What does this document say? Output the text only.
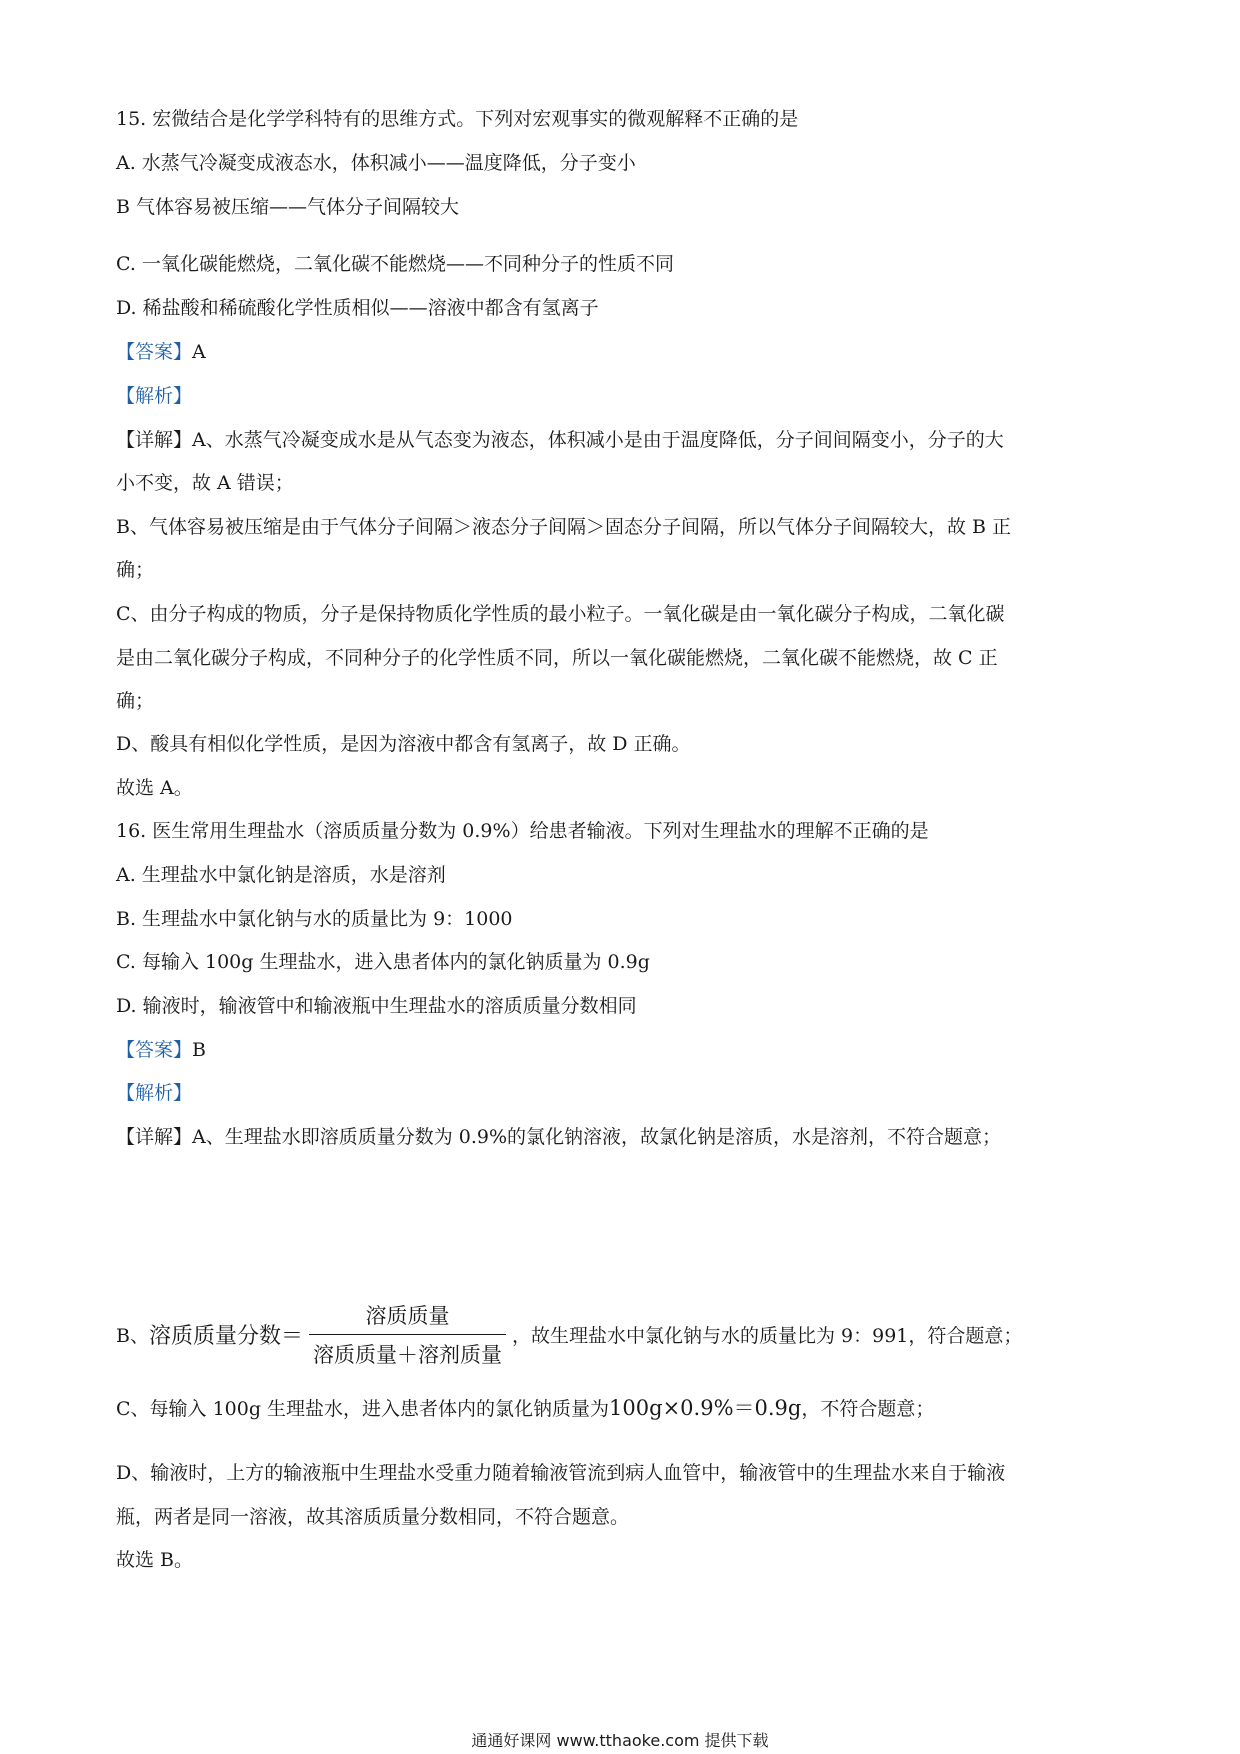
15. 宏微结合是化学学科特有的思维方式。下列对宏观事实的微观解释不正确的是
A. 水蒸气冷凝变成液态水，体积减小——温度降低，分子变小
B 气体容易被压缩——气体分子间隔较大
C. 一氧化碳能燃烧，二氧化碳不能燃烧——不同种分子的性质不同
D. 稀盐酸和稀硫酸化学性质相似——溶液中都含有氢离子
【答案】A
【解析】
【详解】A、水蒸气冷凝变成水是从气态变为液态，体积减小是由于温度降低，分子间间隔变小，分子的大
小不变，故 A 错误；
B、气体容易被压缩是由于气体分子间隔＞液态分子间隔＞固态分子间隔，所以气体分子间隔较大，故 B 正
确；
C、由分子构成的物质，分子是保持物质化学性质的最小粒子。一氧化碳是由一氧化碳分子构成，二氧化碳
是由二氧化碳分子构成，不同种分子的化学性质不同，所以一氧化碳能燃烧，二氧化碳不能燃烧，故 C 正
确；
D、酸具有相似化学性质，是因为溶液中都含有氢离子，故 D 正确。
故选 A。
16. 医生常用生理盐水（溶质质量分数为 0.9%）给患者输液。下列对生理盐水的理解不正确的是
A. 生理盐水中氯化钠是溶质，水是溶剂
B. 生理盐水中氯化钠与水的质量比为 9：1000
C. 每输入 100g 生理盐水，进入患者体内的氯化钠质量为 0.9g
D. 输液时，输液管中和输液瓶中生理盐水的溶质质量分数相同
【答案】B
【解析】
【详解】A、生理盐水即溶质质量分数为 0.9%的氯化钠溶液，故氯化钠是溶质，水是溶剂，不符合题意；
B、溶质质量分数＝ $\frac{\text{溶质质量}}{\text{溶质质量＋溶剂质量}}$ ，故生理盐水中氯化钠与水的质量比为 9：991，符合题意；
C、每输入 100g 生理盐水，进入患者体内的氯化钠质量为100g×0.9%＝0.9g，不符合题意；
D、输液时，上方的输液瓶中生理盐水受重力随着输液管流到病人血管中，输液管中的生理盐水来自于输液
瓶，两者是同一溶液，故其溶质质量分数相同，不符合题意。
故选 B。
通通好课网 www.tthaoke.com 提供下载
